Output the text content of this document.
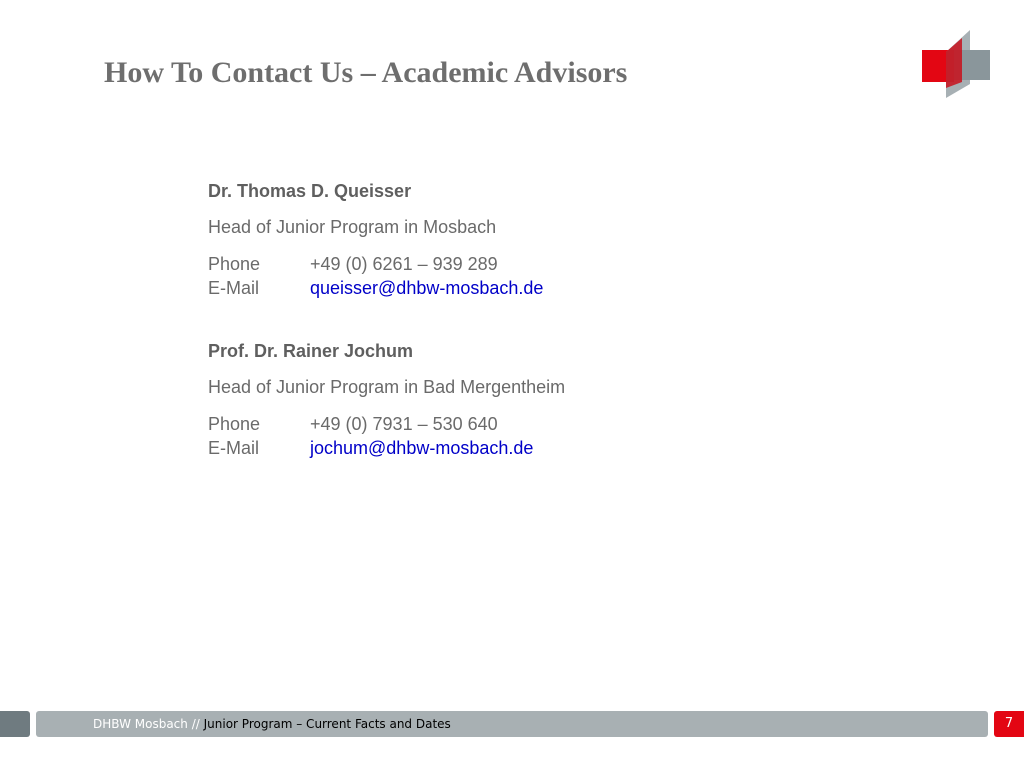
How To Contact Us – Academic Advisors
Dr. Thomas D. Queisser
Head of Junior Program in Mosbach
Phone	+49 (0) 6261 – 939 289
E-Mail	queisser@dhbw-mosbach.de
Prof. Dr. Rainer Jochum
Head of Junior Program in Bad Mergentheim
Phone	+49 (0) 7931 – 530 640
E-Mail	jochum@dhbw-mosbach.de
DHBW Mosbach // Junior Program – Current Facts and Dates	7
